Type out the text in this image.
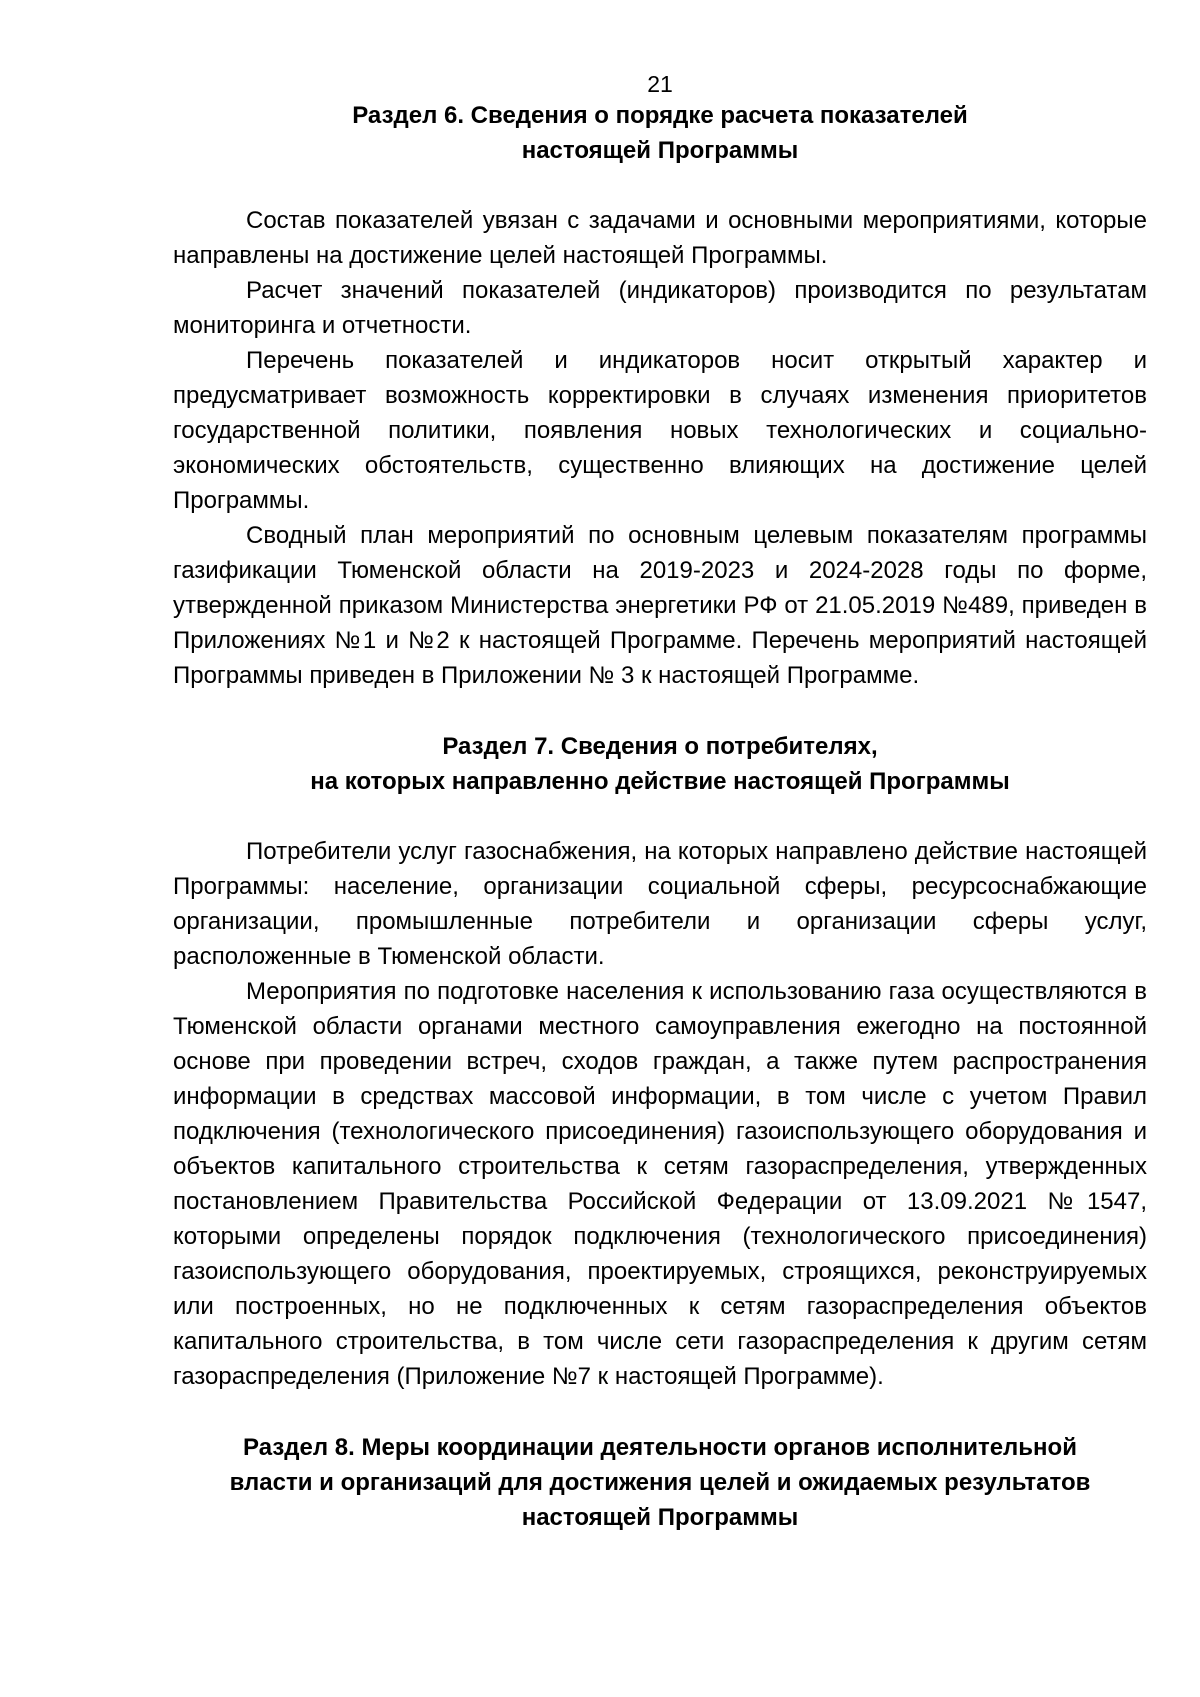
21

Раздел 6. Сведения о порядке расчета показателей
настоящей Программы

Состав показателей увязан с задачами и основными мероприятиями, которые направлены на достижение целей настоящей Программы.

Расчет значений показателей (индикаторов) производится по результатам мониторинга и отчетности.

Перечень показателей и индикаторов носит открытый характер и предусматривает возможность корректировки в случаях изменения приоритетов государственной политики, появления новых технологических и социально-экономических обстоятельств, существенно влияющих на достижение целей Программы.

Сводный план мероприятий по основным целевым показателям программы газификации Тюменской области на 2019-2023 и 2024-2028 годы по форме, утвержденной приказом Министерства энергетики РФ от 21.05.2019 №489, приведен в Приложениях №1 и №2 к настоящей Программе. Перечень мероприятий настоящей Программы приведен в Приложении № 3 к настоящей Программе.

Раздел 7. Сведения о потребителях,
на которых направленно действие настоящей Программы

Потребители услуг газоснабжения, на которых направлено действие настоящей Программы: население, организации социальной сферы, ресурсоснабжающие организации, промышленные потребители и организации сферы услуг, расположенные в Тюменской области.

Мероприятия по подготовке населения к использованию газа осуществляются в Тюменской области органами местного самоуправления ежегодно на постоянной основе при проведении встреч, сходов граждан, а также путем распространения информации в средствах массовой информации, в том числе с учетом Правил подключения (технологического присоединения) газоиспользующего оборудования и объектов капитального строительства к сетям газораспределения, утвержденных постановлением Правительства Российской Федерации от 13.09.2021 №1547, которыми определены порядок подключения (технологического присоединения) газоиспользующего оборудования, проектируемых, строящихся, реконструируемых или построенных, но не подключенных к сетям газораспределения объектов капитального строительства, в том числе сети газораспределения к другим сетям газораспределения (Приложение №7 к настоящей Программе).

Раздел 8. Меры координации деятельности органов исполнительной
власти и организаций для достижения целей и ожидаемых результатов
настоящей Программы
